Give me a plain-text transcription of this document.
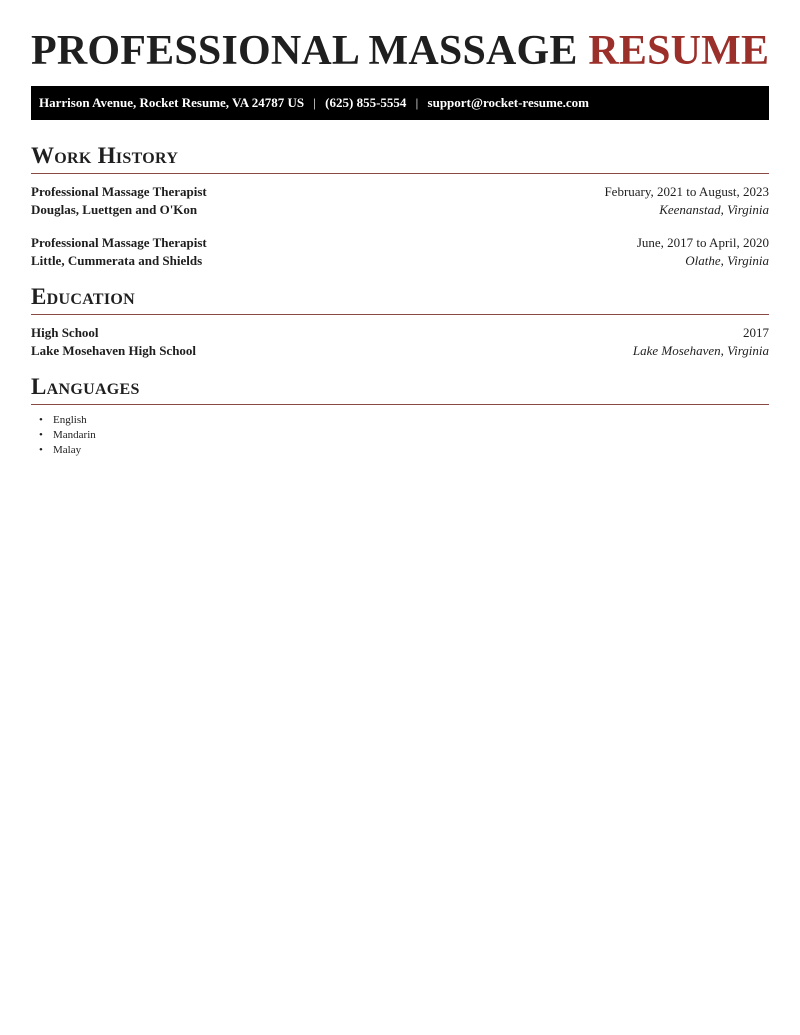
PROFESSIONAL MASSAGE RESUME
Harrison Avenue, Rocket Resume, VA 24787 US | (625) 855-5554 | support@rocket-resume.com
Work History
Professional Massage Therapist	February, 2021 to August, 2023
Douglas, Luettgen and O'Kon	Keenanstad, Virginia
Professional Massage Therapist	June, 2017 to April, 2020
Little, Cummerata and Shields	Olathe, Virginia
Education
High School	2017
Lake Mosehaven High School	Lake Mosehaven, Virginia
Languages
• English
• Mandarin
• Malay
